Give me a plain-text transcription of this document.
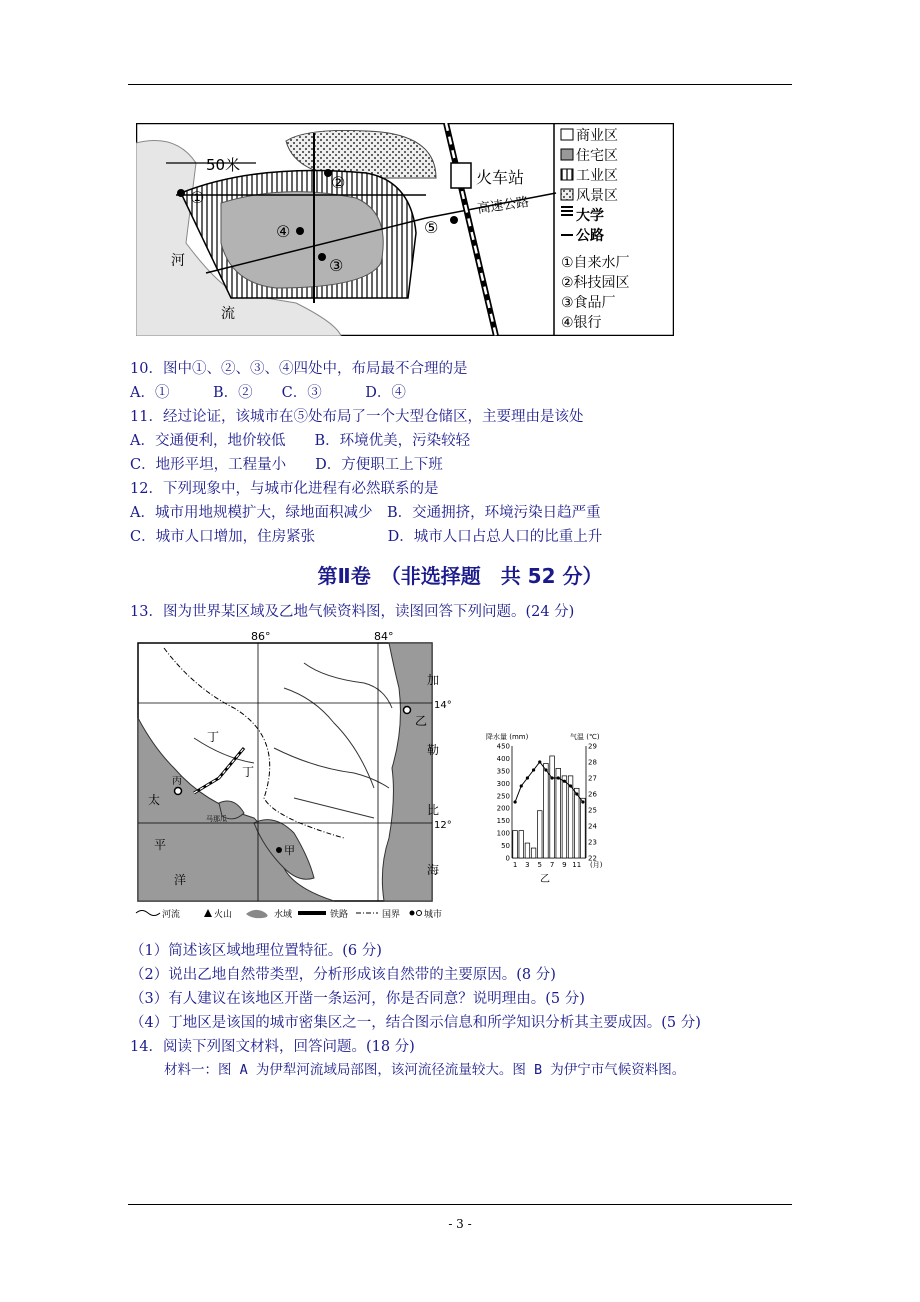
50米
火车站
高速公路
河
流
①
②
③
④	⑤
商业区
住宅区
工业区
风景区
大学
公路
①自来水厂
②科技园区
③食品厂
④银行
10．图中①、②、③、④四处中，布局最不合理的是
A．①　　　B．②　　C．③　　　D．④
11．经过论证，该城市在⑤处布局了一个大型仓储区，主要理由是该处
A．交通便利，地价较低　　B．环境优美，污染较轻
C．地形平坦，工程量小　　D．方便职工上下班
12．下列现象中，与城市化进程有必然联系的是
A．城市用地规模扩大，绿地面积减少　B．交通拥挤，环境污染日趋严重
C．城市人口增加，住房紧张　　　　　D．城市人口占总人口的比重上升
第Ⅱ卷　（非选择题　共 52 分）
13．图为世界某区域及乙地气候资料图，读图回答下列问题。(24 分)
86°	84°
14°
12°
加
勒
比
海
太
平
洋
乙
丙
丁
丁
甲
马那瓜
河流	火山	水域	铁路	国界	城市
降水量 (mm)	气温 (℃)
450
400
350
300
250
200
150
100
50
0
29
28
27
26
25
24
23
22
1 3 5 7 9 11 (月)
乙
（1）简述该区域地理位置特征。(6 分)
（2）说出乙地自然带类型，分析形成该自然带的主要原因。(8 分)
（3）有人建议在该地区开凿一条运河，你是否同意？说明理由。(5 分)
（4）丁地区是该国的城市密集区之一，结合图示信息和所学知识分析其主要成因。(5 分)
14．阅读下列图文材料，回答问题。(18 分)
材料一：图 A 为伊犁河流域局部图，该河流径流量较大。图 B 为伊宁市气候资料图。
- 3 -
